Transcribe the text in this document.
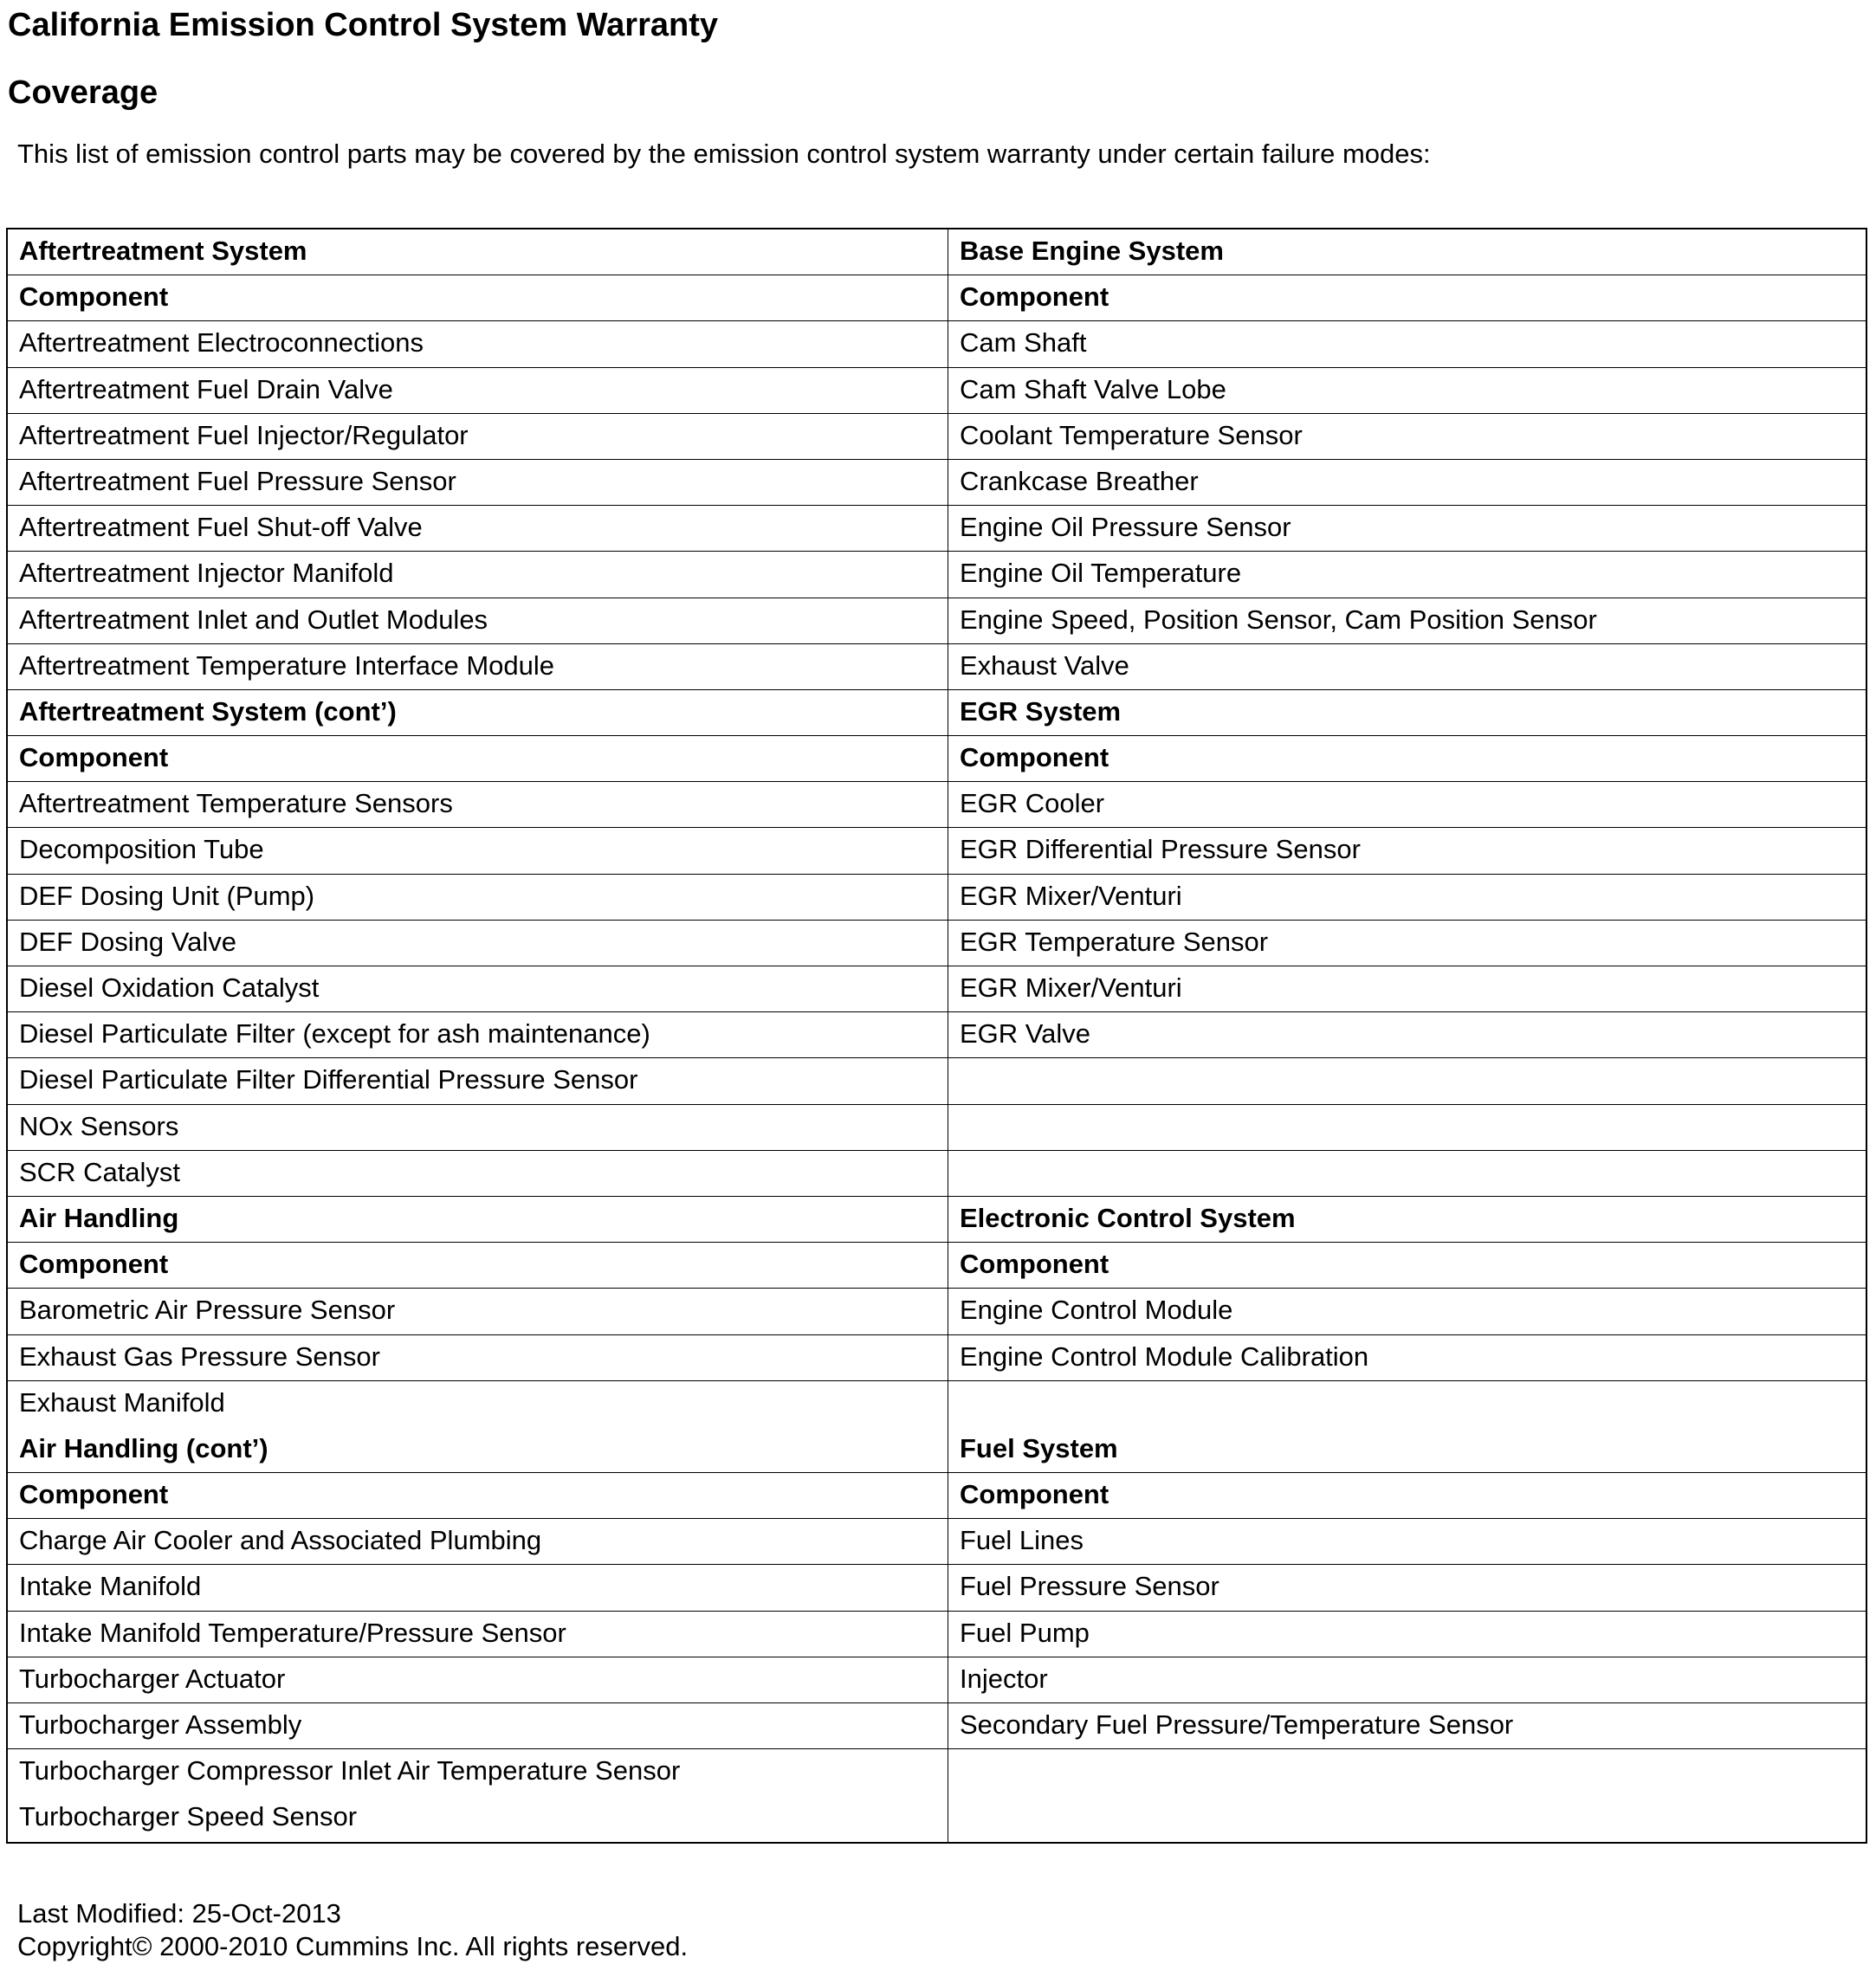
California Emission Control System Warranty
Coverage
This list of emission control parts may be covered by the emission control system warranty under certain failure modes:
Aftertreatment System	Base Engine System
Component	Component
Aftertreatment Electroconnections	Cam Shaft
Aftertreatment Fuel Drain Valve	Cam Shaft Valve Lobe
Aftertreatment Fuel Injector/Regulator	Coolant Temperature Sensor
Aftertreatment Fuel Pressure Sensor	Crankcase Breather
Aftertreatment Fuel Shut-off Valve	Engine Oil Pressure Sensor
Aftertreatment Injector Manifold	Engine Oil Temperature
Aftertreatment Inlet and Outlet Modules	Engine Speed, Position Sensor, Cam Position Sensor
Aftertreatment Temperature Interface Module	Exhaust Valve
Aftertreatment System (cont’)	EGR System
Component	Component
Aftertreatment Temperature Sensors	EGR Cooler
Decomposition Tube	EGR Differential Pressure Sensor
DEF Dosing Unit (Pump)	EGR Mixer/Venturi
DEF Dosing Valve	EGR Temperature Sensor
Diesel Oxidation Catalyst	EGR Mixer/Venturi
Diesel Particulate Filter (except for ash maintenance)	EGR Valve
Diesel Particulate Filter Differential Pressure Sensor
NOx Sensors
SCR Catalyst
Air Handling	Electronic Control System
Component	Component
Barometric Air Pressure Sensor	Engine Control Module
Exhaust Gas Pressure Sensor	Engine Control Module Calibration
Exhaust Manifold
Air Handling (cont’)	Fuel System
Component	Component
Charge Air Cooler and Associated Plumbing	Fuel Lines
Intake Manifold	Fuel Pressure Sensor
Intake Manifold Temperature/Pressure Sensor	Fuel Pump
Turbocharger Actuator	Injector
Turbocharger Assembly	Secondary Fuel Pressure/Temperature Sensor
Turbocharger Compressor Inlet Air Temperature Sensor
Turbocharger Speed Sensor
Last Modified: 25-Oct-2013
Copyright© 2000-2010 Cummins Inc. All rights reserved.
